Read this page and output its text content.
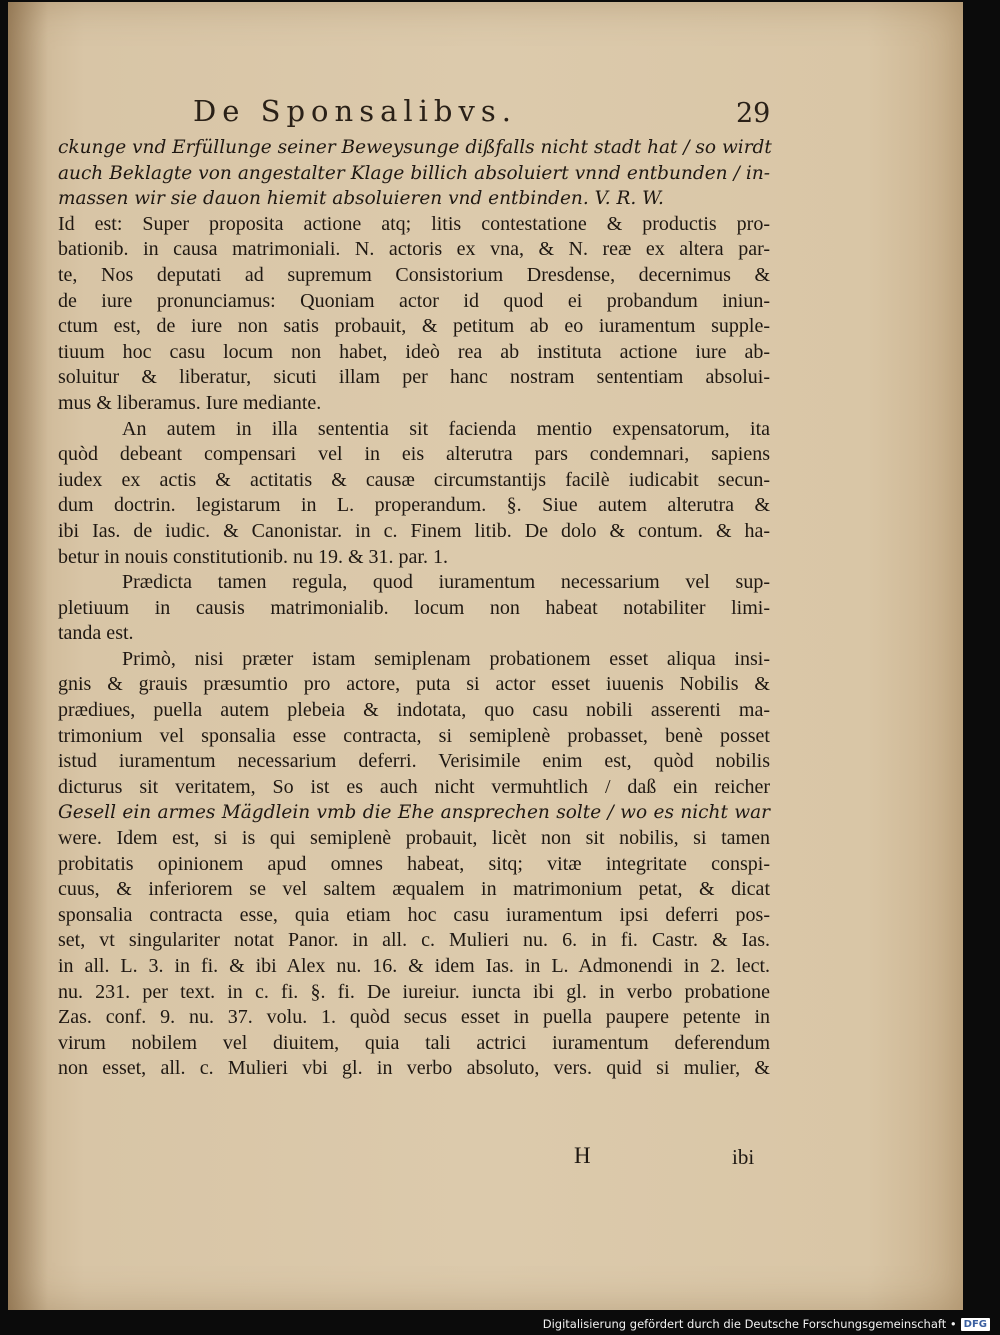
De Sponsalibvs.	29
ckunge vnd Erfüllunge seiner Beweysunge dißfalls nicht stadt hat / so wirdt
auch Beklagte von angestalter Klage billich absoluiert vnnd entbunden / in-
massen wir sie dauon hiemit absoluieren vnd entbinden. V. R. W.
Id est: Super proposita actione atq; litis contestatione & productis pro-
bationib. in causa matrimoniali. N. actoris ex vna, & N. reæ ex altera par-
te, Nos deputati ad supremum Consistorium Dresdense, decernimus &
de iure pronunciamus: Quoniam actor id quod ei probandum iniun-
ctum est, de iure non satis probauit, & petitum ab eo iuramentum supple-
tiuum hoc casu locum non habet, ideò rea ab instituta actione iure ab-
soluitur & liberatur, sicuti illam per hanc nostram sententiam absolui-
mus & liberamus. Iure mediante.
An autem in illa sententia sit facienda mentio expensatorum, ita
quòd debeant compensari vel in eis alterutra pars condemnari, sapiens
iudex ex actis & actitatis & causæ circumstantijs facilè iudicabit secun-
dum doctrin. legistarum in L. properandum. §. Siue autem alterutra &
ibi Ias. de iudic. & Canonistar. in c. Finem litib. De dolo & contum. & ha-
betur in nouis constitutionib. nu 19. & 31. par. 1.
Prædicta tamen regula, quod iuramentum necessarium vel sup-
pletiuum in causis matrimonialib. locum non habeat notabiliter limi-
tanda est.
Primò, nisi præter istam semiplenam probationem esset aliqua insi-
gnis & grauis præsumtio pro actore, puta si actor esset iuuenis Nobilis &
prædiues, puella autem plebeia & indotata, quo casu nobili asserenti ma-
trimonium vel sponsalia esse contracta, si semiplenè probasset, benè posset
istud iuramentum necessarium deferri. Verisimile enim est, quòd nobilis
dicturus sit veritatem, So ist es auch nicht vermuhtlich / daß ein reicher
Gesell ein armes Mägdlein vmb die Ehe ansprechen solte / wo es nicht war
were. Idem est, si is qui semiplenè probauit, licèt non sit nobilis, si tamen
probitatis opinionem apud omnes habeat, sitq; vitæ integritate conspi-
cuus, & inferiorem se vel saltem æqualem in matrimonium petat, & dicat
sponsalia contracta esse, quia etiam hoc casu iuramentum ipsi deferri pos-
set, vt singulariter notat Panor. in all. c. Mulieri nu. 6. in fi. Castr. & Ias.
in all. L. 3. in fi. & ibi Alex nu. 16. & idem Ias. in L. Admonendi in 2. lect.
nu. 231. per text. in c. fi. §. fi. De iureiur. iuncta ibi gl. in verbo probatione
Zas. conf. 9. nu. 37. volu. 1. quòd secus esset in puella paupere petente in
virum nobilem vel diuitem, quia tali actrici iuramentum deferendum
non esset, all. c. Mulieri vbi gl. in verbo absoluto, vers. quid si mulier, &
H	ibi
Digitalisierung gefördert durch die Deutsche Forschungsgemeinschaft • DFG
